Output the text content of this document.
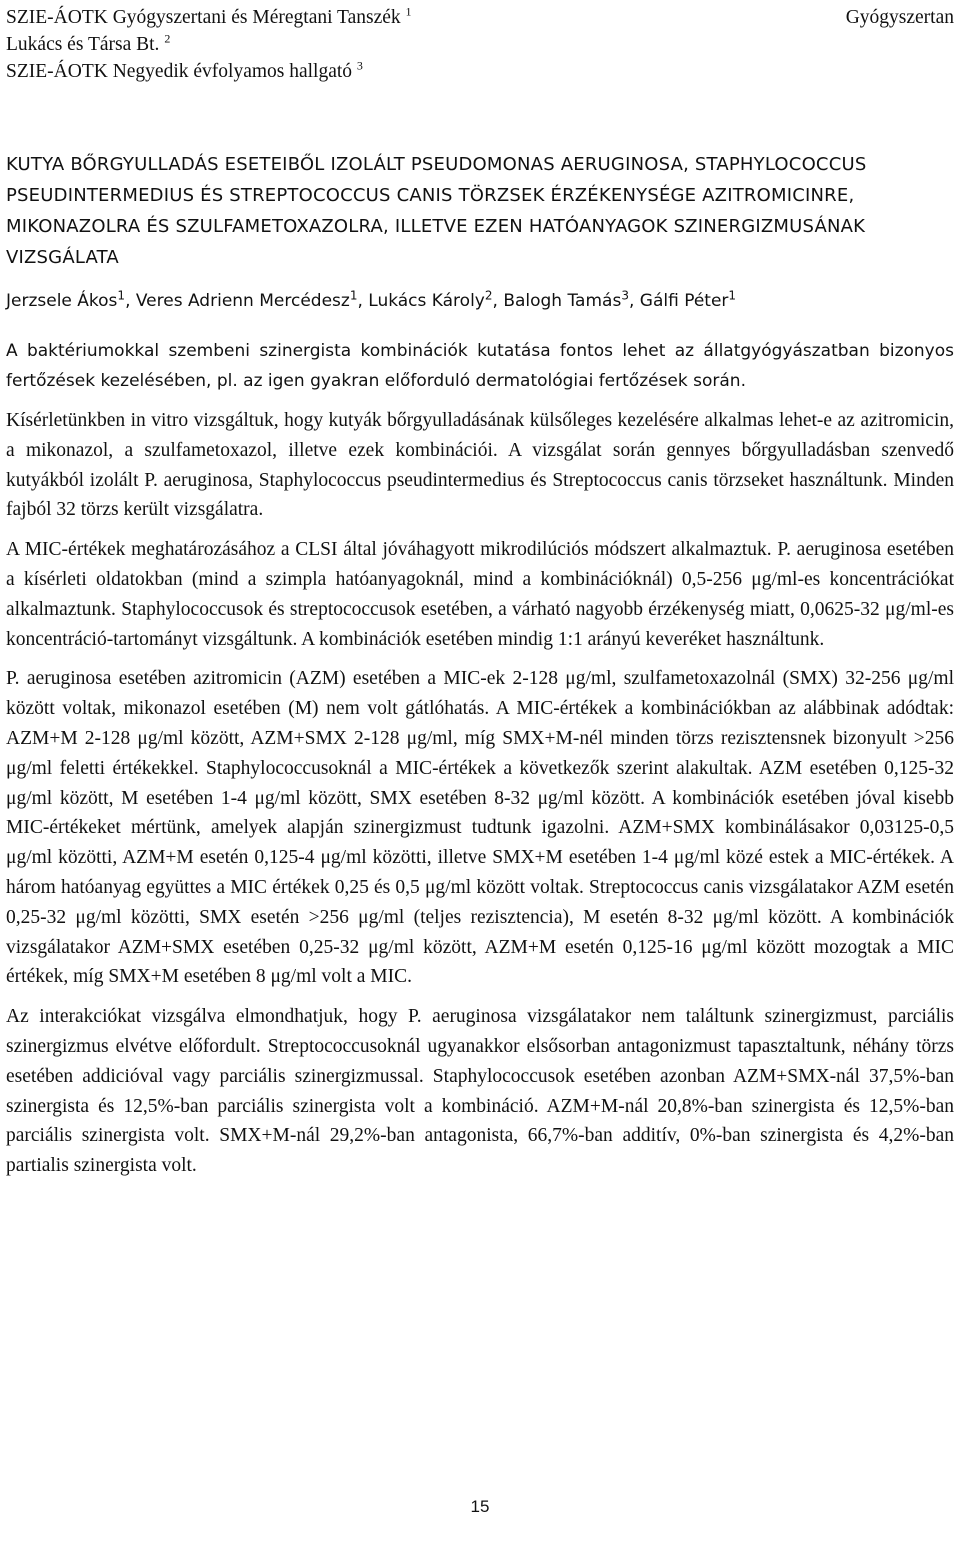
SZIE-ÁOTK Gyógyszertani és Méregtani Tanszék $^1$	Gyógyszertan
Lukács és Társa Bt. $^2$
SZIE-ÁOTK Negyedik évfolyamos hallgató $^3$
KUTYA BŐRGYULLADÁS ESETEIBŐL IZOLÁLT PSEUDOMONAS AERUGINOSA, STAPHYLOCOCCUS PSEUDINTERMEDIUS ÉS STREPTOCOCCUS CANIS TÖRZSEK ÉRZÉKENYSÉGE AZITROMICINRE, MIKONAZOLRA ÉS SZULFAMETOXAZOLRA, ILLETVE EZEN HATÓANYAGOK SZINERGIZMUSÁNAK VIZSGÁLATA
Jerzsele Ákos$^1$, Veres Adrienn Mercédesz$^1$, Lukács Károly$^2$, Balogh Tamás$^3$, Gálfi Péter$^1$

A baktériumokkal szembeni szinergista kombinációk kutatása fontos lehet az állatgyógyászatban bizonyos fertőzések kezelésében, pl. az igen gyakran előforduló dermatológiai fertőzések során.

Kísérletünkben in vitro vizsgáltuk, hogy kutyák bőrgyulladásának külsőleges kezelésére alkalmas lehet-e az azitromicin, a mikonazol, a szulfametoxazol, illetve ezek kombinációi. A vizsgálat során gennyes bőrgyulladásban szenvedő kutyákból izolált P. aeruginosa, Staphylococcus pseudintermedius és Streptococcus canis törzseket használtunk. Minden fajból 32 törzs került vizsgálatra.

A MIC-értékek meghatározásához a CLSI által jóváhagyott mikrodilúciós módszert alkalmaztuk. P. aeruginosa esetében a kísérleti oldatokban (mind a szimpla hatóanyagoknál, mind a kombinációknál) 0,5-256 μg/ml-es koncentrációkat alkalmaztunk. Staphylococcusok és streptococcusok esetében, a várható nagyobb érzékenység miatt, 0,0625-32 μg/ml-es koncentráció-tartományt vizsgáltunk. A kombinációk esetében mindig 1:1 arányú keveréket használtunk.

P. aeruginosa esetében azitromicin (AZM) esetében a MIC-ek 2-128 μg/ml, szulfametoxazolnál (SMX) 32-256 μg/ml között voltak, mikonazol esetében (M) nem volt gátlóhatás. A MIC-értékek a kombinációkban az alábbinak adódtak: AZM+M 2-128 μg/ml között, AZM+SMX 2-128 μg/ml, míg SMX+M-nél minden törzs rezisztensnek bizonyult >256 μg/ml feletti értékekkel. Staphylococcusoknál a MIC-értékek a következők szerint alakultak. AZM esetében 0,125-32 μg/ml között, M esetében 1-4 μg/ml között, SMX esetében 8-32 μg/ml között. A kombinációk esetében jóval kisebb MIC-értékeket mértünk, amelyek alapján szinergizmust tudtunk igazolni. AZM+SMX kombinálásakor 0,03125-0,5 μg/ml közötti, AZM+M esetén 0,125-4 μg/ml közötti, illetve SMX+M esetében 1-4 μg/ml közé estek a MIC-értékek. A három hatóanyag együttes a MIC értékek 0,25 és 0,5 μg/ml között voltak. Streptococcus canis vizsgálatakor AZM esetén 0,25-32 μg/ml közötti, SMX esetén >256 μg/ml (teljes rezisztencia), M esetén 8-32 μg/ml között. A kombinációk vizsgálatakor AZM+SMX esetében 0,25-32 μg/ml között, AZM+M esetén 0,125-16 μg/ml között mozogtak a MIC értékek, míg SMX+M esetében 8 μg/ml volt a MIC.

Az interakciókat vizsgálva elmondhatjuk, hogy P. aeruginosa vizsgálatakor nem találtunk szinergizmust, parciális szinergizmus elvétve előfordult. Streptococcusoknál ugyanakkor elsősorban antagonizmust tapasztaltunk, néhány törzs esetében addicióval vagy parciális szinergizmussal. Staphylococcusok esetében azonban AZM+SMX-nál 37,5%-ban szinergista és 12,5%-ban parciális szinergista volt a kombináció. AZM+M-nál 20,8%-ban szinergista és 12,5%-ban parciális szinergista volt. SMX+M-nál 29,2%-ban antagonista, 66,7%-ban additív, 0%-ban szinergista és 4,2%-ban partialis szinergista volt.

15
